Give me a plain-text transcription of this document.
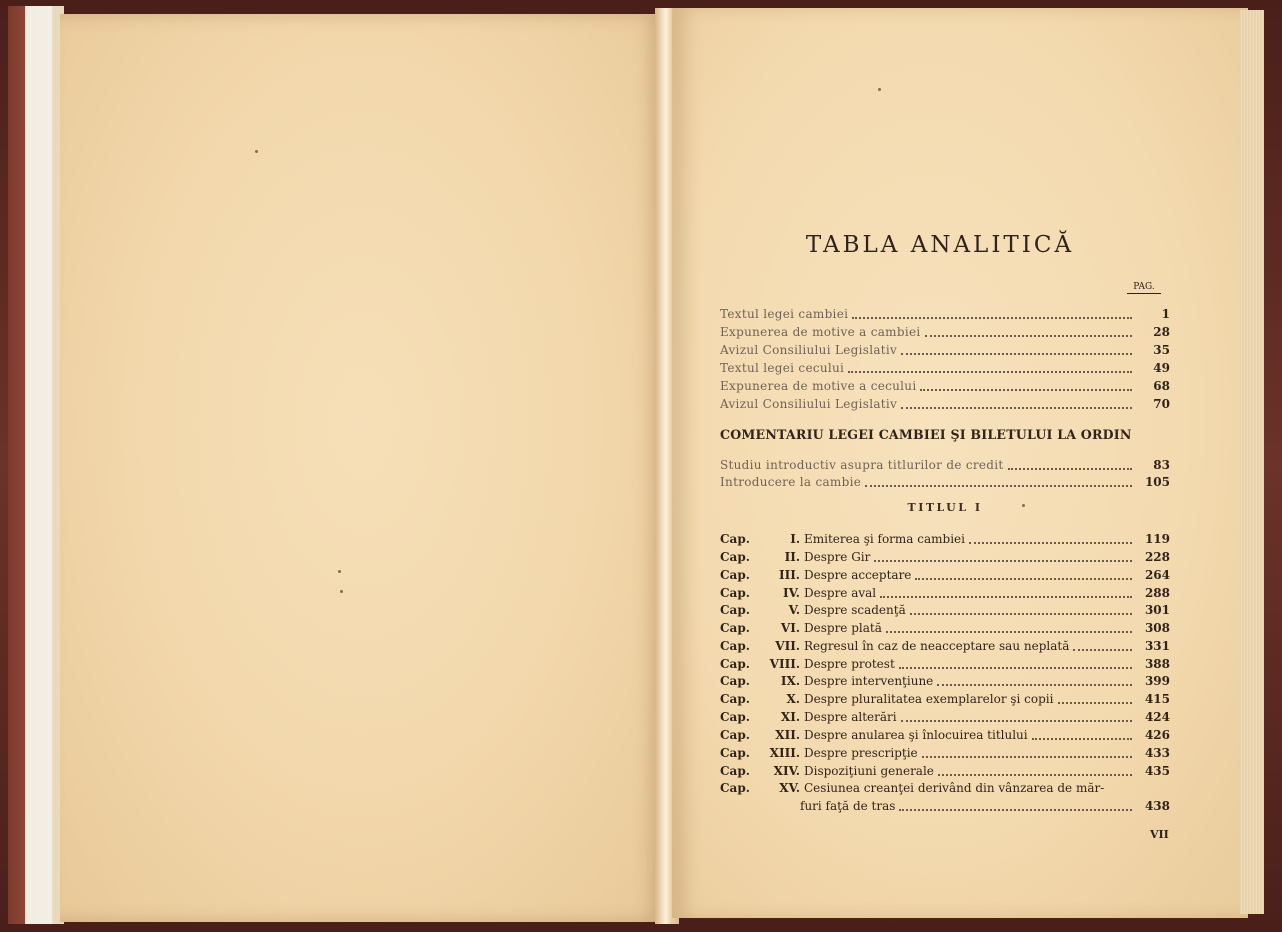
TABLA ANALITICĂ
PAG.
Textul legei cambiei	1
Expunerea de motive a cambiei	28
Avizul Consiliului Legislativ	35
Textul legei cecului	49
Expunerea de motive a cecului	68
Avizul Consiliului Legislativ	70
COMENTARIU LEGEI CAMBIEI ŞI BILETULUI LA ORDIN
Studiu introductiv asupra titlurilor de credit	83
Introducere la cambie	105
TITLUL I
Cap.	I. Emiterea şi forma cambiei	119
Cap.	II. Despre Gir	228
Cap.	III. Despre acceptare	264
Cap.	IV. Despre aval	288
Cap.	V. Despre scadenţă	301
Cap.	VI. Despre plată	308
Cap.	VII. Regresul în caz de neacceptare sau neplată	331
Cap.	VIII. Despre protest	388
Cap.	IX. Despre intervenţiune	399
Cap.	X. Despre pluralitatea exemplarelor şi copii	415
Cap.	XI. Despre alterări	424
Cap.	XII. Despre anularea şi înlocuirea titlului	426
Cap.	XIII. Despre prescripţie	433
Cap.	XIV. Dispoziţiuni generale	435
Cap.	XV. Cesiunea creanţei derivând din vânzarea de măr-
furi faţă de tras	438
VII
